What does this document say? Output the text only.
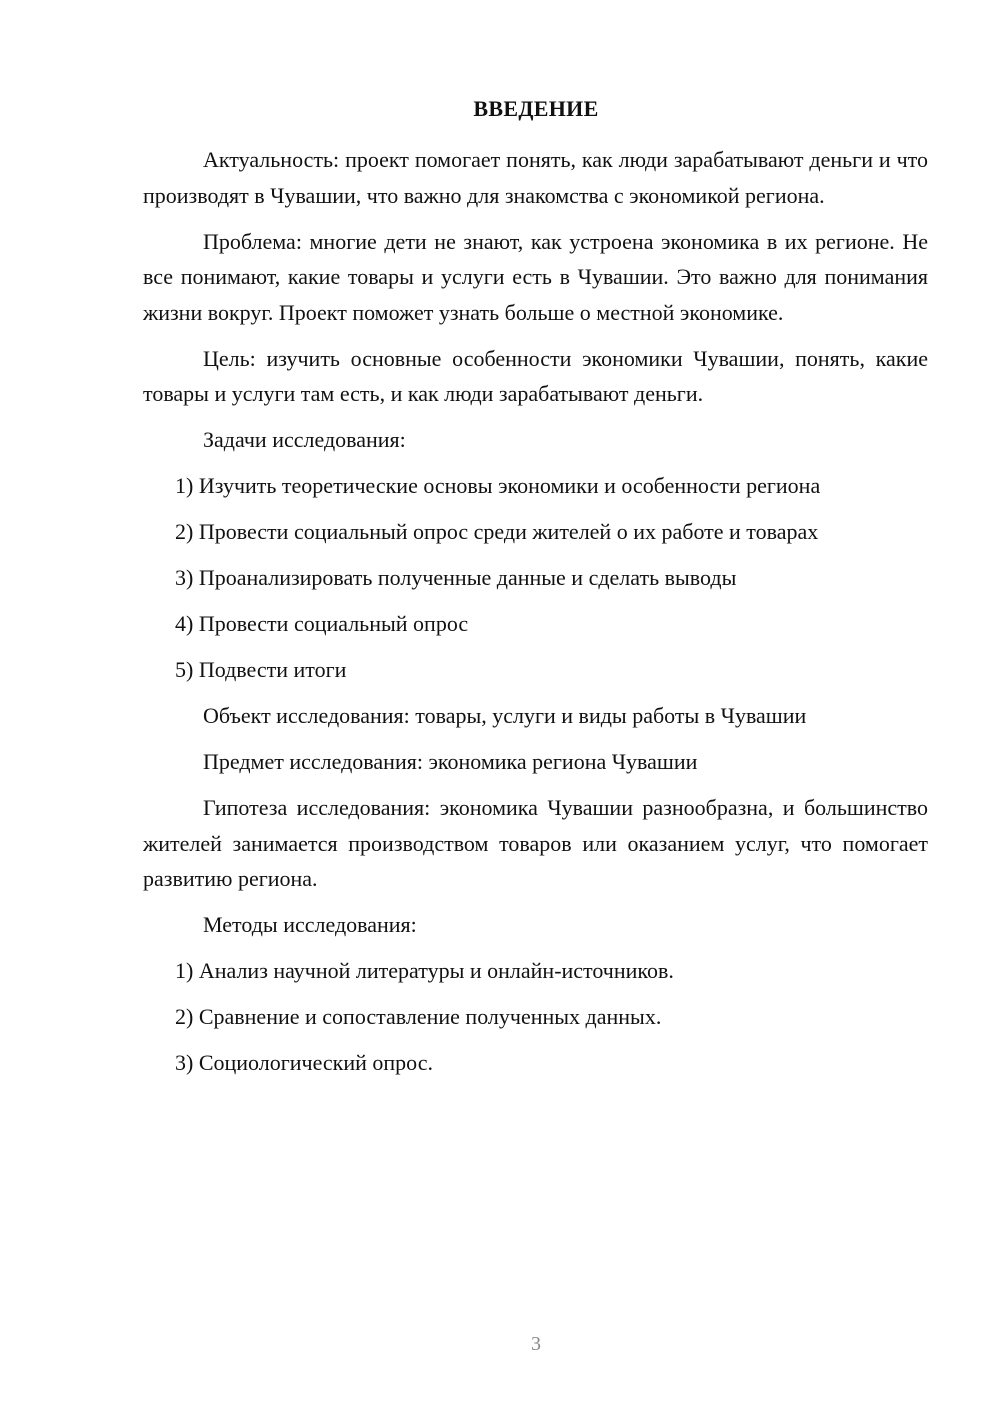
ВВЕДЕНИЕ

Актуальность: проект помогает понять, как люди зарабатывают деньги и что производят в Чувашии, что важно для знакомства с экономикой региона.

Проблема: многие дети не знают, как устроена экономика в их регионе. Не все понимают, какие товары и услуги есть в Чувашии. Это важно для понимания жизни вокруг. Проект поможет узнать больше о местной экономике.

Цель: изучить основные особенности экономики Чувашии, понять, какие товары и услуги там есть, и как люди зарабатывают деньги.

Задачи исследования:

1) Изучить теоретические основы экономики и особенности региона

2) Провести социальный опрос среди жителей о их работе и товарах

3) Проанализировать полученные данные и сделать выводы

4) Провести социальный опрос

5) Подвести итоги

Объект исследования: товары, услуги и виды работы в Чувашии

Предмет исследования: экономика региона Чувашии

Гипотеза исследования: экономика Чувашии разнообразна, и большинство жителей занимается производством товаров или оказанием услуг, что помогает развитию региона.

Методы исследования:

1) Анализ научной литературы и онлайн-источников.

2) Сравнение и сопоставление полученных данных.

3) Социологический опрос.

3
